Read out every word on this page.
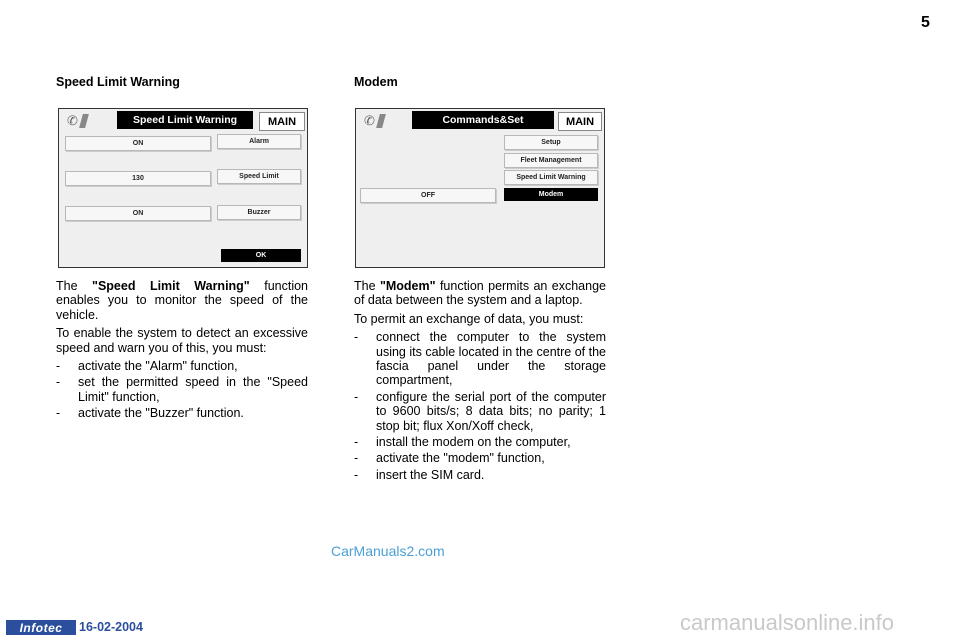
5
Speed Limit Warning
✆	Speed Limit Warning	MAIN
ON	Alarm
130	Speed Limit
ON	Buzzer
OK

The "Speed Limit Warning" function enables you to monitor the speed of the vehicle.

To enable the system to detect an excessive speed and warn you of this, you must:

- activate the "Alarm" function,
- set the permitted speed in the "Speed Limit" function,
- activate the "Buzzer" function.
Modem
✆	Commands&Set	MAIN
Setup
Fleet Management
Speed Limit Warning
Modem
OFF

The "Modem" function permits an exchange of data between the system and a laptop.

To permit an exchange of data, you must:

- connect the computer to the system using its cable located in the centre of the fascia panel under the storage compartment,
- configure the serial port of the computer to 9600 bits/s; 8 data bits; no parity; 1 stop bit; flux Xon/Xoff check,
- install the modem on the computer,
- activate the "modem" function,
- insert the SIM card.
CarManuals2.com
Infotec	16-02-2004	carmanualsonline.info
